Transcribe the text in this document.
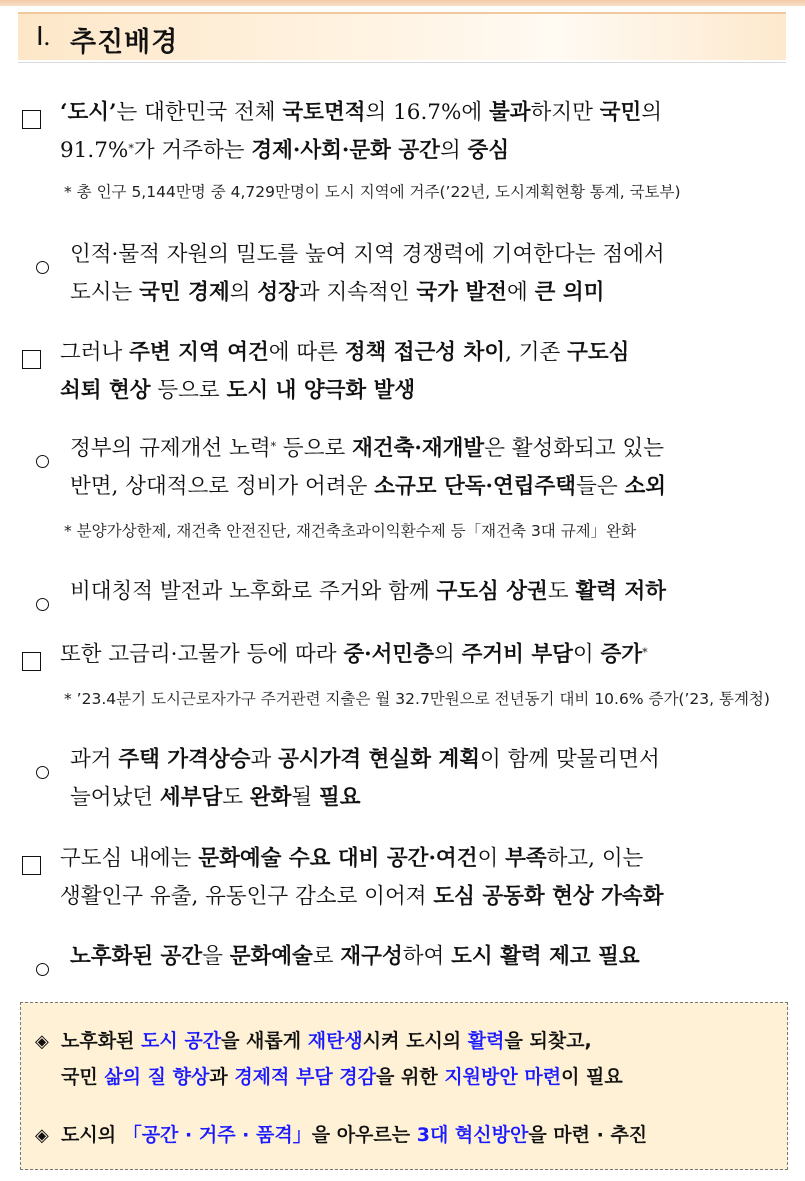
Ⅰ. 추진배경
‘도시’는 대한민국 전체 국토면적의 16.7%에 불과하지만 국민의
91.7%*가 거주하는 경제·사회·문화 공간의 중심
* 총 인구 5,144만명 중 4,729만명이 도시 지역에 거주(’22년, 도시계획현황 통계, 국토부)
인적·물적 자원의 밀도를 높여 지역 경쟁력에 기여한다는 점에서
도시는 국민 경제의 성장과 지속적인 국가 발전에 큰 의미
그러나 주변 지역 여건에 따른 정책 접근성 차이, 기존 구도심
쇠퇴 현상 등으로 도시 내 양극화 발생
정부의 규제개선 노력* 등으로 재건축·재개발은 활성화되고 있는
반면, 상대적으로 정비가 어려운 소규모 단독·연립주택들은 소외
* 분양가상한제, 재건축 안전진단, 재건축초과이익환수제 등「재건축 3대 규제」완화
비대칭적 발전과 노후화로 주거와 함께 구도심 상권도 활력 저하
또한 고금리·고물가 등에 따라 중·서민층의 주거비 부담이 증가*
* ’23.4분기 도시근로자가구 주거관련 지출은 월 32.7만원으로 전년동기 대비 10.6% 증가(’23, 통계청)
과거 주택 가격상승과 공시가격 현실화 계획이 함께 맞물리면서
늘어났던 세부담도 완화될 필요
구도심 내에는 문화예술 수요 대비 공간·여건이 부족하고, 이는
생활인구 유출, 유동인구 감소로 이어져 도심 공동화 현상 가속화
노후화된 공간을 문화예술로 재구성하여 도시 활력 제고 필요
◈ 노후화된 도시 공간을 새롭게 재탄생시켜 도시의 활력을 되찾고,
국민 삶의 질 향상과 경제적 부담 경감을 위한 지원방안 마련이 필요
◈ 도시의 「공간 · 거주 · 품격」을 아우르는 3대 혁신방안을 마련 · 추진
